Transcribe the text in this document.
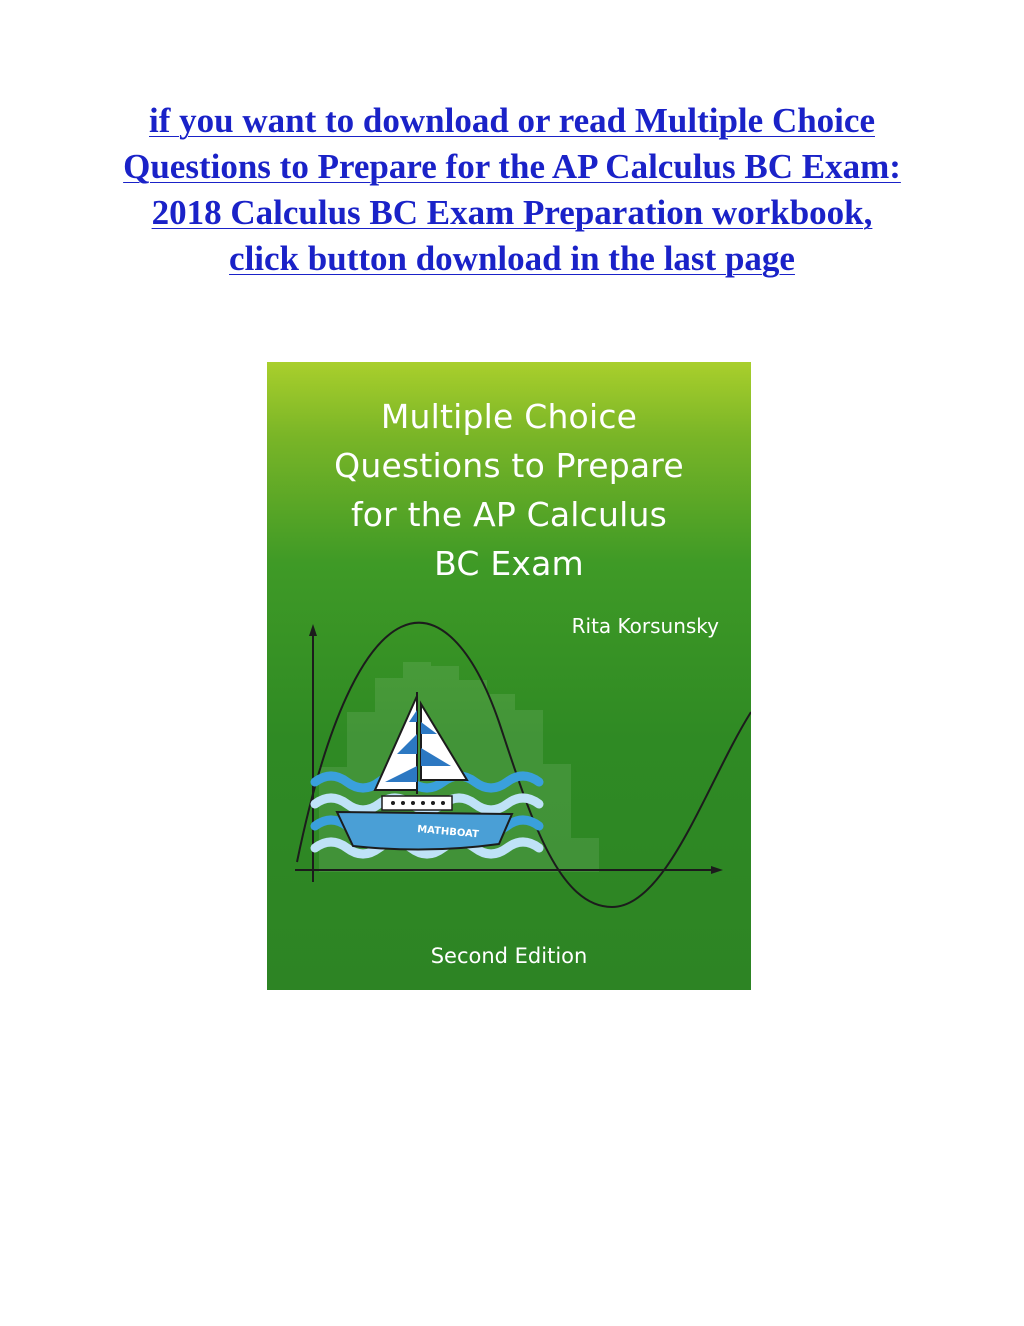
if you want to download or read Multiple Choice
Questions to Prepare for the AP Calculus BC Exam:
2018 Calculus BC Exam Preparation workbook,
click button download in the last page
MATHBOAT
Multiple Choice
Questions to Prepare
for the AP Calculus
BC Exam
Rita Korsunsky
Second Edition
